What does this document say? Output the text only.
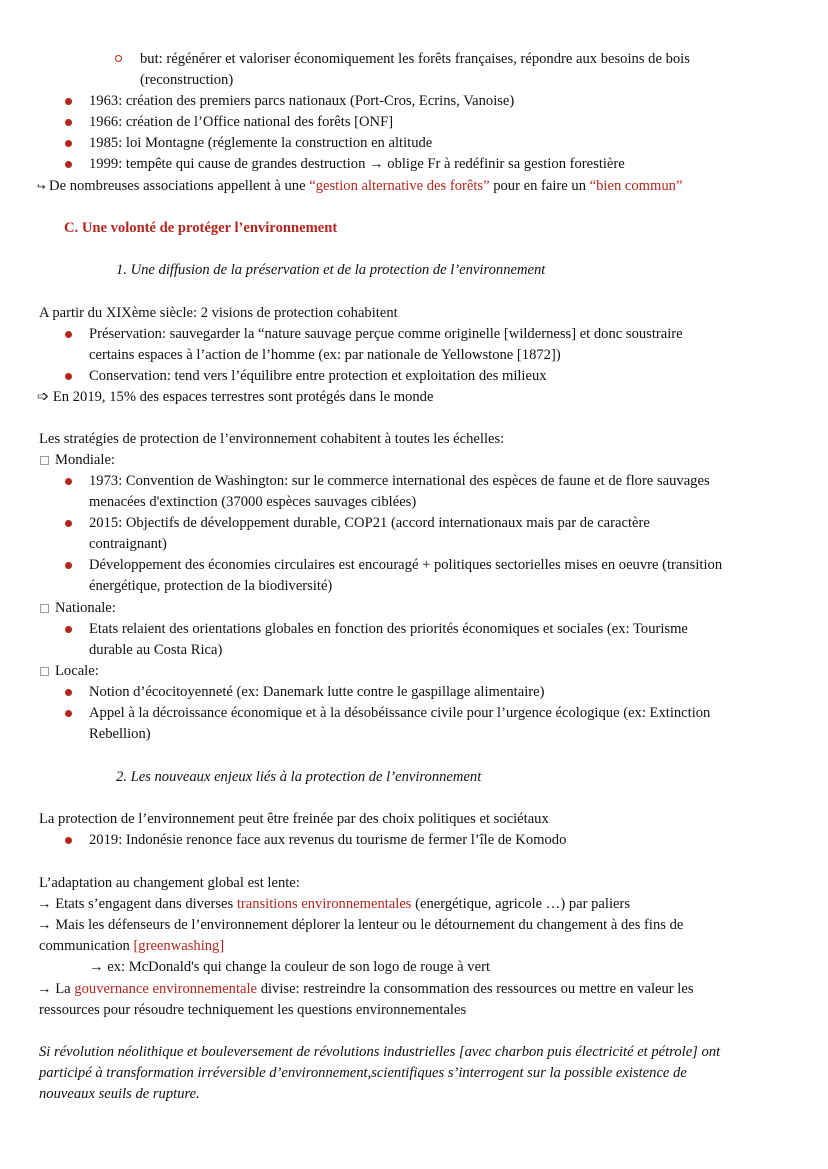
but: régénérer et valoriser économiquement les forêts françaises, répondre aux besoins de bois
(reconstruction)
1963: création des premiers parcs nationaux (Port-Cros, Ecrins, Vanoise)
1966: création de l’Office national des forêts [ONF]
1985: loi Montagne (réglemente la construction en altitude
1999: tempête qui cause de grandes destruction → oblige Fr à redéfinir sa gestion forestière
↪ De nombreuses associations appellent à une “gestion alternative des forêts” pour en faire un “bien commun”
C. Une volonté de protéger l’environnement
1. Une diffusion de la préservation et de la protection de l’environnement
A partir du XIXème siècle: 2 visions de protection cohabitent
Préservation: sauvegarder la “nature sauvage perçue comme originelle [wilderness] et donc soustraire
certains espaces à l’action de l’homme (ex: par nationale de Yellowstone [1872])
Conservation: tend vers l’équilibre entre protection et exploitation des milieux
➩ En 2019, 15% des espaces terrestres sont protégés dans le monde
Les stratégies de protection de l’environnement cohabitent à toutes les échelles:
Mondiale:
1973: Convention de Washington: sur le commerce international des espèces de faune et de flore sauvages
menacées d'extinction (37000 espèces sauvages ciblées)
2015: Objectifs de développement durable, COP21 (accord internationaux mais par de caractère
contraignant)
Développement des économies circulaires est encouragé + politiques sectorielles mises en oeuvre (transition
énergétique, protection de la biodiversité)
Nationale:
Etats relaient des orientations globales en fonction des priorités économiques et sociales (ex: Tourisme
durable au Costa Rica)
Locale:
Notion d’écocitoyenneté (ex: Danemark lutte contre le gaspillage alimentaire)
Appel à la décroissance économique et à la désobéissance civile pour l’urgence écologique (ex: Extinction
Rebellion)
2. Les nouveaux enjeux liés à la protection de l’environnement
La protection de l’environnement peut être freinée par des choix politiques et sociétaux
2019: Indonésie renonce face aux revenus du tourisme de fermer l’île de Komodo
L’adaptation au changement global est lente:
→ Etats s’engagent dans diverses transitions environnementales (energétique, agricole …) par paliers
→ Mais les défenseurs de l’environnement déplorer la lenteur ou le détournement du changement à des fins de
communication [greenwashing]
→ ex: McDonald's qui change la couleur de son logo de rouge à vert
→ La gouvernance environnementale divise: restreindre la consommation des ressources ou mettre en valeur les
ressources pour résoudre techniquement les questions environnementales
Si révolution néolithique et bouleversement de révolutions industrielles [avec charbon puis électricité et pétrole] ont
participé à transformation irréversible d’environnement,scientifiques s’interrogent sur la possible existence de
nouveaux seuils de rupture.
